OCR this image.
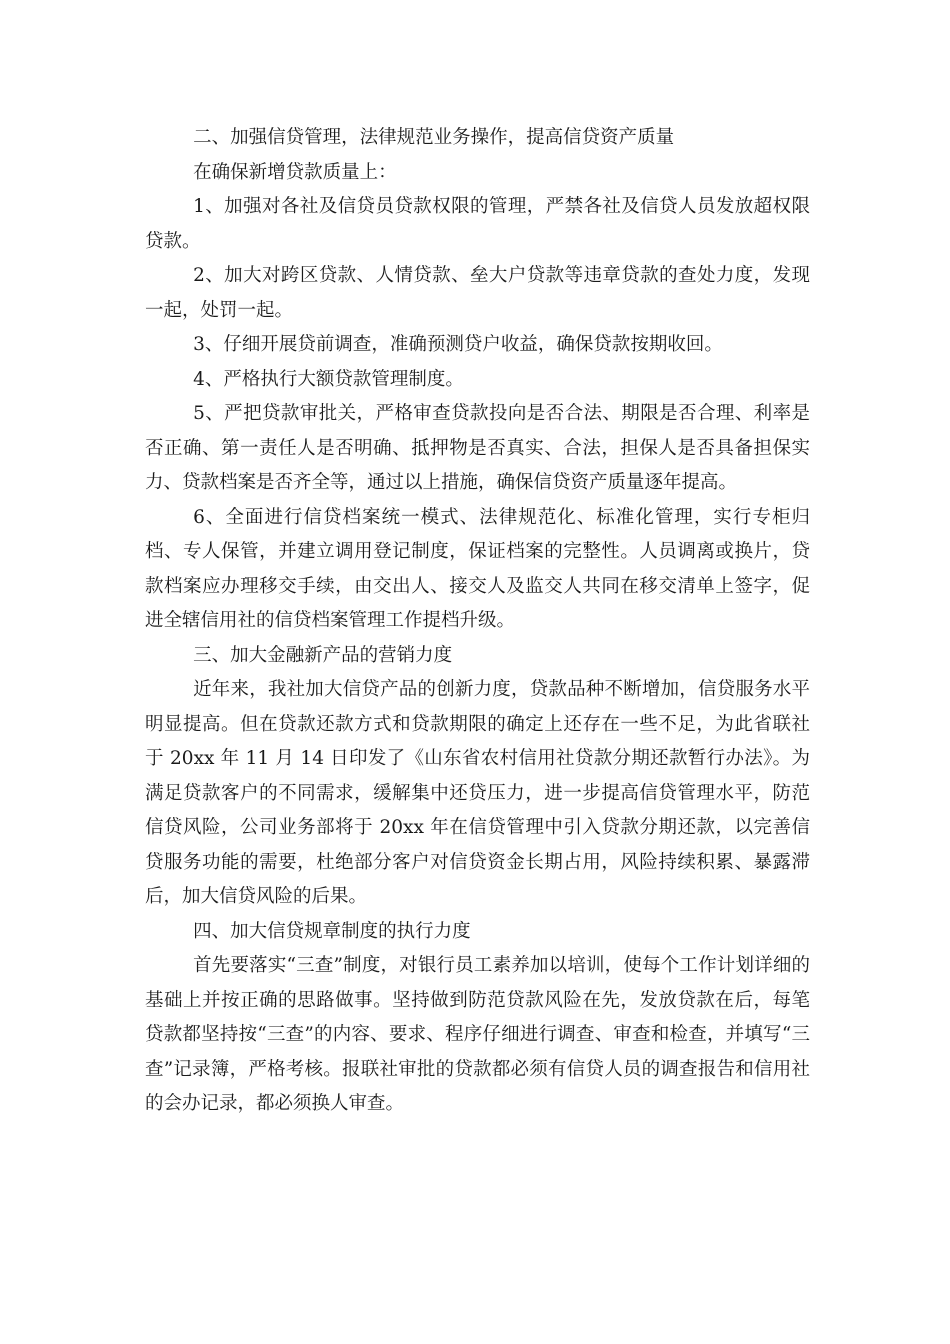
二、加强信贷管理，法律规范业务操作，提高信贷资产质量

在确保新增贷款质量上：

1、加强对各社及信贷员贷款权限的管理，严禁各社及信贷人员发放超权限贷款。

2、加大对跨区贷款、人情贷款、垒大户贷款等违章贷款的查处力度，发现一起，处罚一起。

3、仔细开展贷前调查，准确预测贷户收益，确保贷款按期收回。

4、严格执行大额贷款管理制度。

5、严把贷款审批关，严格审查贷款投向是否合法、期限是否合理、利率是否正确、第一责任人是否明确、抵押物是否真实、合法，担保人是否具备担保实力、贷款档案是否齐全等，通过以上措施，确保信贷资产质量逐年提高。

6、全面进行信贷档案统一模式、法律规范化、标准化管理，实行专柜归档、专人保管，并建立调用登记制度，保证档案的完整性。人员调离或换片，贷款档案应办理移交手续，由交出人、接交人及监交人共同在移交清单上签字，促进全辖信用社的信贷档案管理工作提档升级。

三、加大金融新产品的营销力度

近年来，我社加大信贷产品的创新力度，贷款品种不断增加，信贷服务水平明显提高。但在贷款还款方式和贷款期限的确定上还存在一些不足，为此省联社于 20xx 年 11 月 14 日印发了《山东省农村信用社贷款分期还款暂行办法》。为满足贷款客户的不同需求，缓解集中还贷压力，进一步提高信贷管理水平，防范信贷风险，公司业务部将于 20xx 年在信贷管理中引入贷款分期还款，以完善信贷服务功能的需要，杜绝部分客户对信贷资金长期占用，风险持续积累、暴露滞后，加大信贷风险的后果。

四、加大信贷规章制度的执行力度

首先要落实“三查”制度，对银行员工素养加以培训，使每个工作计划详细的基础上并按正确的思路做事。坚持做到防范贷款风险在先，发放贷款在后，每笔贷款都坚持按“三查”的内容、要求、程序仔细进行调查、审查和检查，并填写“三查”记录簿，严格考核。报联社审批的贷款都必须有信贷人员的调查报告和信用社的会办记录，都必须换人审查。
